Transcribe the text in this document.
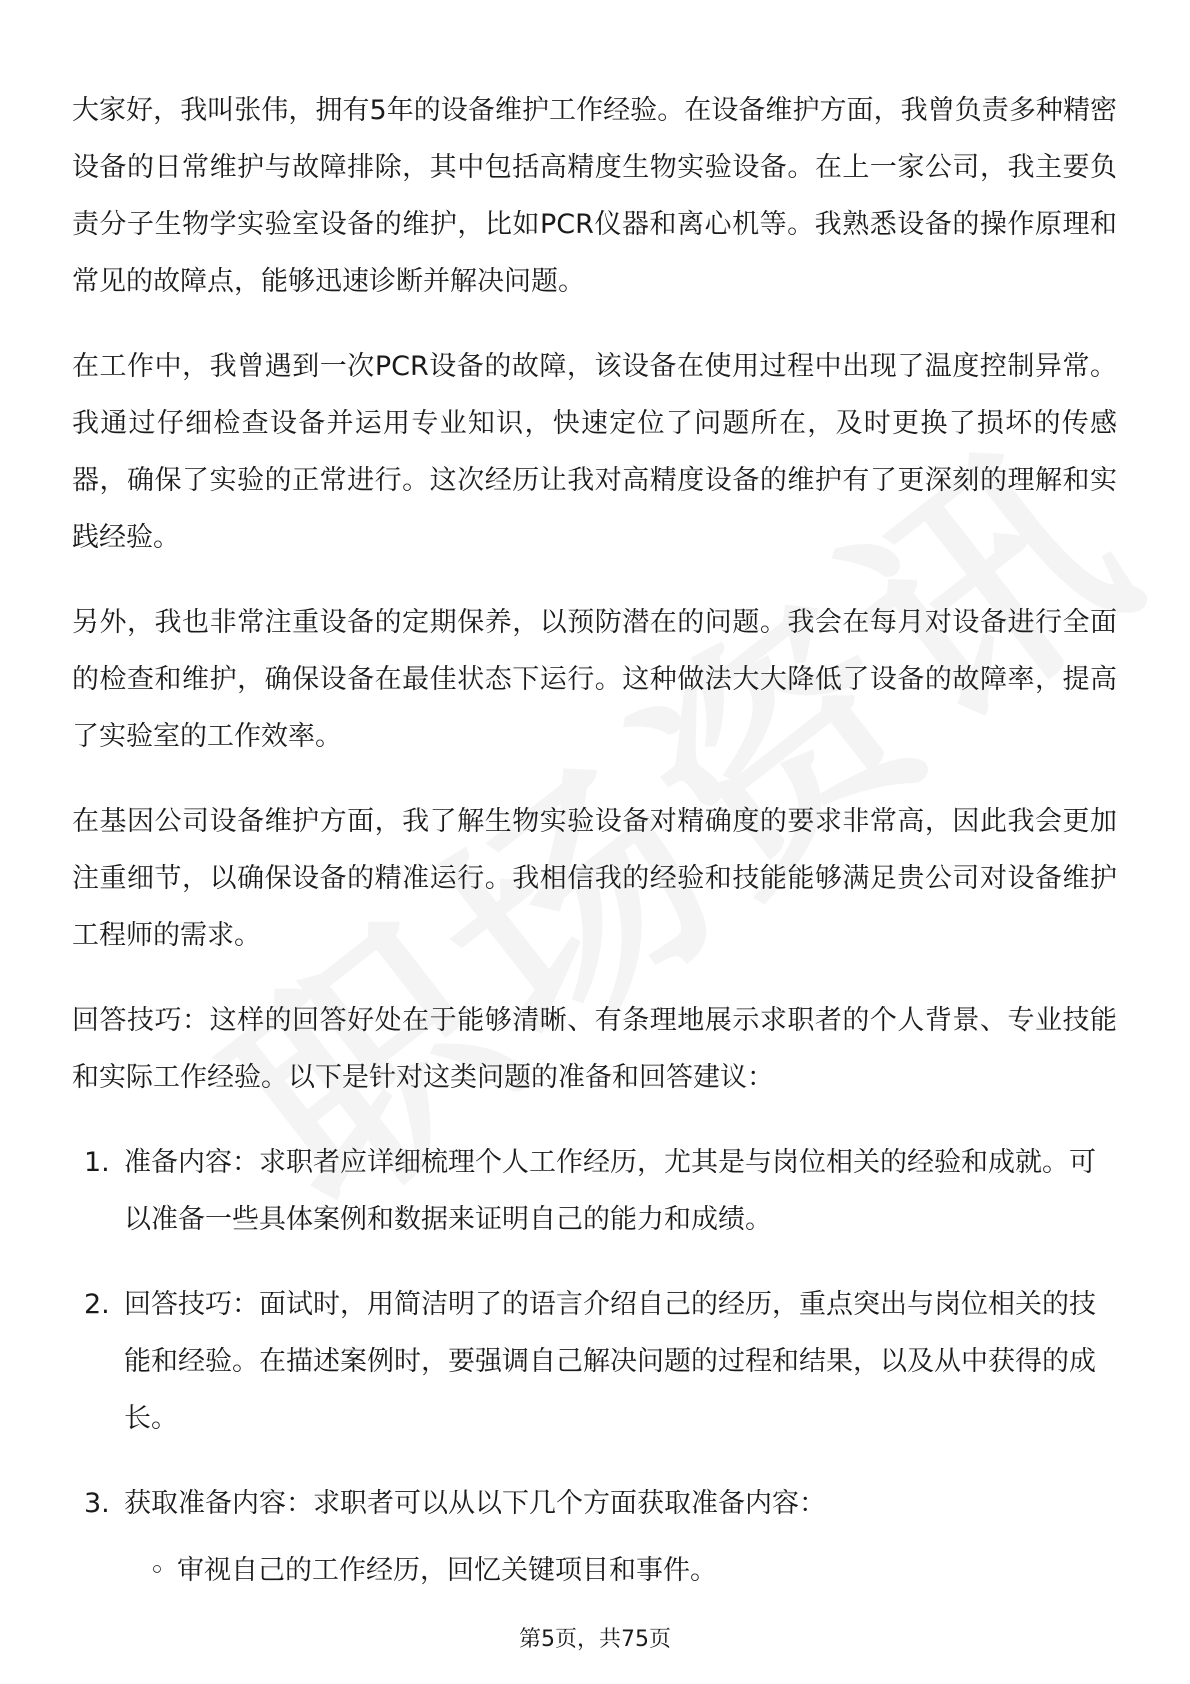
大家好，我叫张伟，拥有5年的设备维护工作经验。在设备维护方面，我曾负责多种精密设备的日常维护与故障排除，其中包括高精度生物实验设备。在上一家公司，我主要负责分子生物学实验室设备的维护，比如PCR仪器和离心机等。我熟悉设备的操作原理和常见的故障点，能够迅速诊断并解决问题。

在工作中，我曾遇到一次PCR设备的故障，该设备在使用过程中出现了温度控制异常。我通过仔细检查设备并运用专业知识，快速定位了问题所在，及时更换了损坏的传感器，确保了实验的正常进行。这次经历让我对高精度设备的维护有了更深刻的理解和实践经验。

另外，我也非常注重设备的定期保养，以预防潜在的问题。我会在每月对设备进行全面的检查和维护，确保设备在最佳状态下运行。这种做法大大降低了设备的故障率，提高了实验室的工作效率。

在基因公司设备维护方面，我了解生物实验设备对精确度的要求非常高，因此我会更加注重细节，以确保设备的精准运行。我相信我的经验和技能能够满足贵公司对设备维护工程师的需求。

回答技巧：这样的回答好处在于能够清晰、有条理地展示求职者的个人背景、专业技能和实际工作经验。以下是针对这类问题的准备和回答建议：

1. 准备内容：求职者应详细梳理个人工作经历，尤其是与岗位相关的经验和成就。可以准备一些具体案例和数据来证明自己的能力和成绩。
2. 回答技巧：面试时，用简洁明了的语言介绍自己的经历，重点突出与岗位相关的技能和经验。在描述案例时，要强调自己解决问题的过程和结果，以及从中获得的成长。
3. 获取准备内容：求职者可以从以下几个方面获取准备内容：
◦ 审视自己的工作经历，回忆关键项目和事件。
第5页，共75页
